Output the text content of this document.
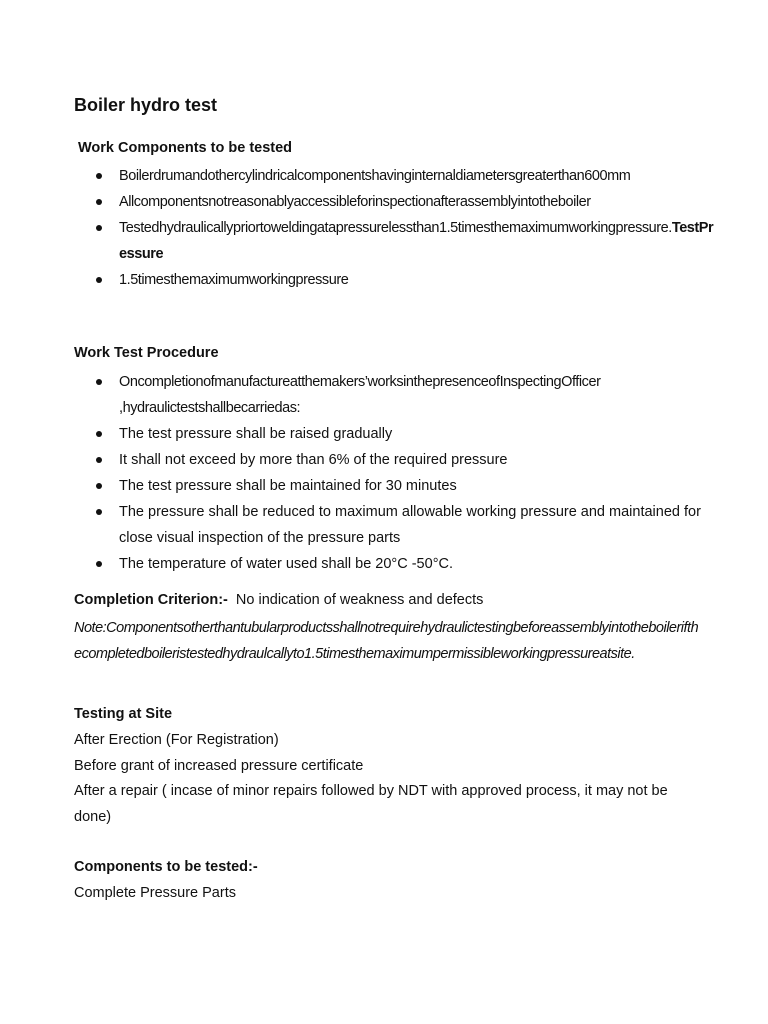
Boiler hydro test
Work Components to be tested
Boilerdrumandothercylindricalcomponentshavinginternaldiametersgreaterthan600mm
Allcomponentsnotreasonablyaccessibleforinspectionafterassemblyintotheboiler
Testedhydraulicallypriortoweldingatapressurelessthan1.5timesthemaximumworkingpressure.TestPressure
1.5timesthemaximumworkingpressure
Work Test Procedure
Oncompletionofmanufactureatthemakers’worksinthepresenceofInspectingOfficer ,hydraulictestshallbecarriedas:
The test pressure shall be raised gradually
It shall not exceed by more than 6% of the required pressure
The test pressure shall be maintained for 30 minutes
The pressure shall be reduced to maximum allowable working pressure and maintained for close visual inspection of the pressure parts
The temperature of water used shall be 20°C -50°C.
Completion Criterion:- No indication of weakness and defects
Note:Componentsotherthantubularproductsshallnotrequirehydraulictestingbeforeassemblyintotheboilerifthecompletedboileristestedhydraulcallyto1.5timesthemaximumpermissibleworkingpressureatsite.
Testing at Site
After Erection (For Registration)
Before grant of increased pressure certificate
After a repair ( incase of minor repairs followed by NDT with approved process, it may not be done)
Components to be tested:-
Complete Pressure Parts
